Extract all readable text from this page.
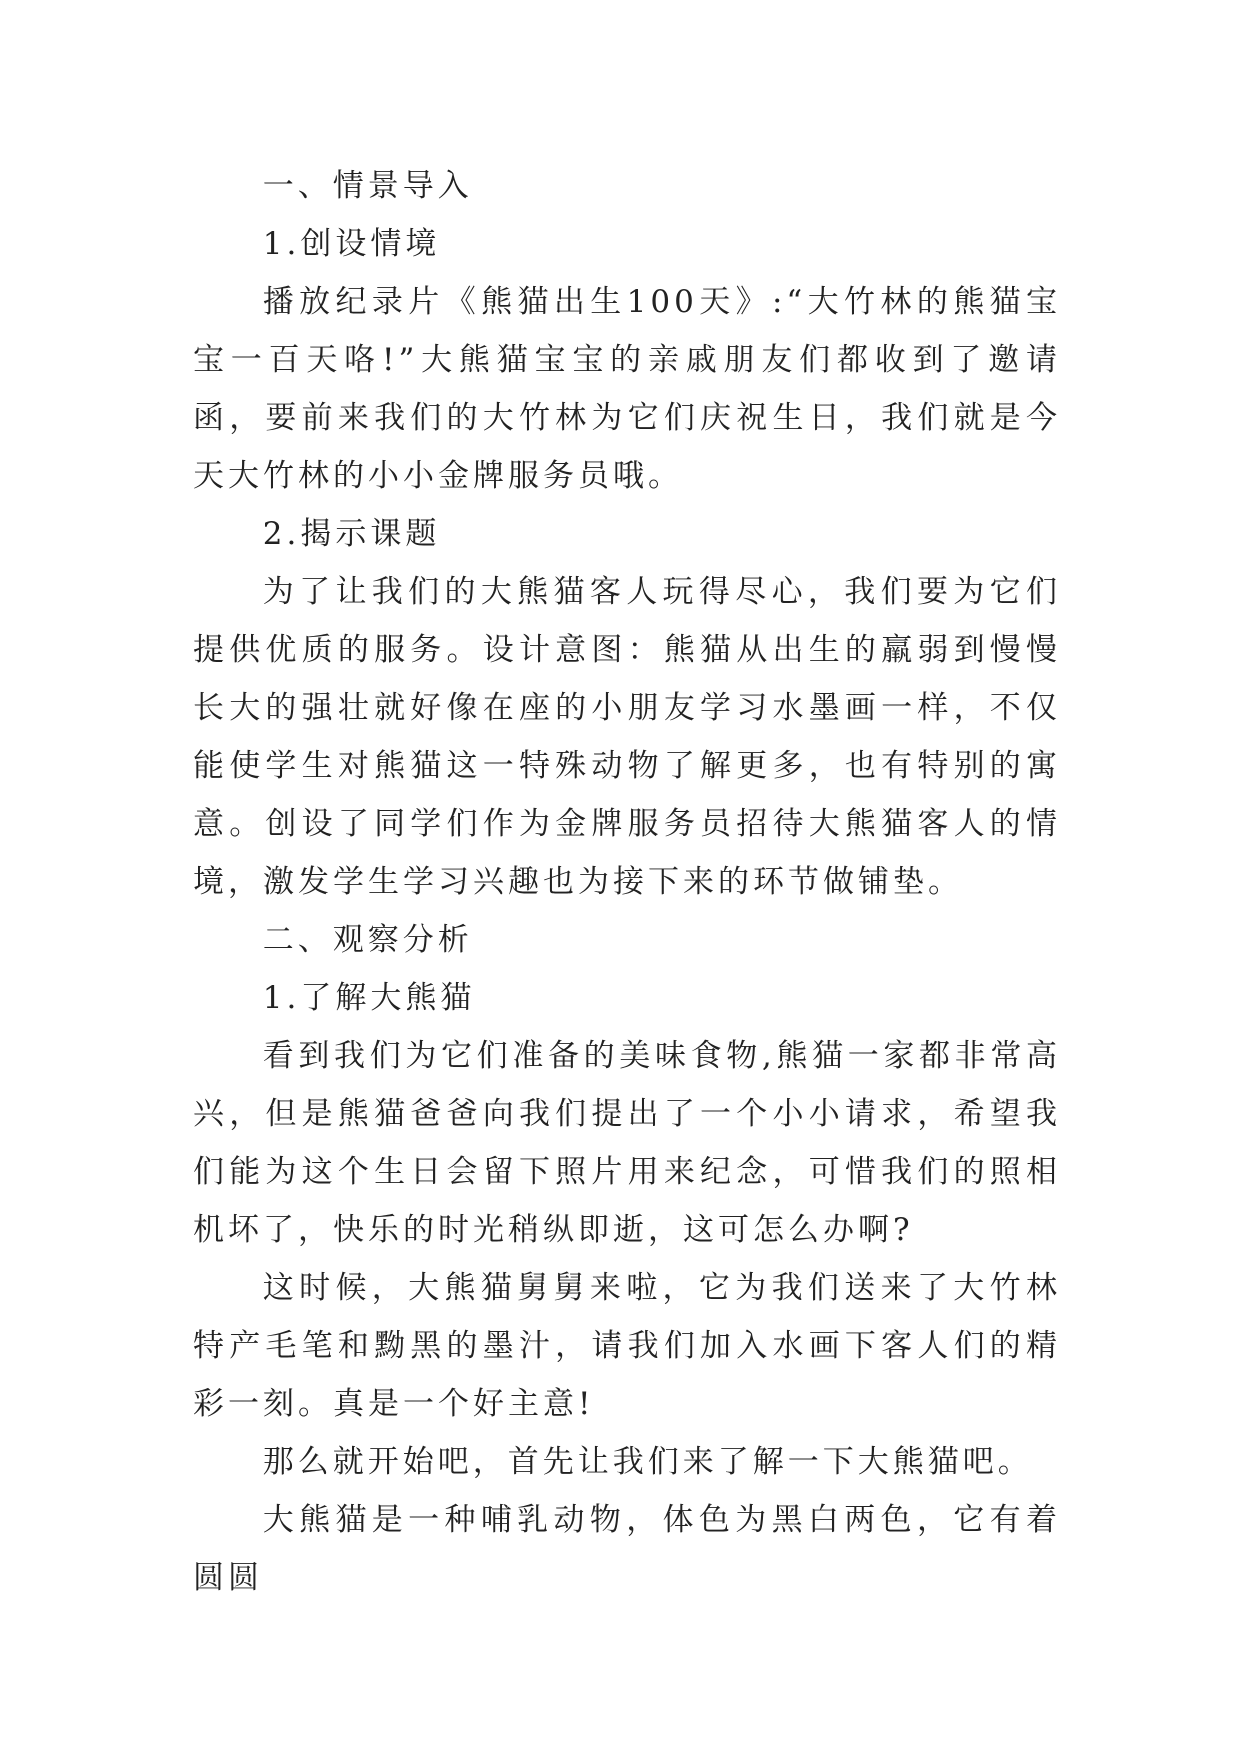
一、情景导入

1.创设情境

播放纪录片《熊猫出生100天》:“大竹林的熊猫宝宝一百天咯!”大熊猫宝宝的亲戚朋友们都收到了邀请函，要前来我们的大竹林为它们庆祝生日，我们就是今天大竹林的小小金牌服务员哦。

2.揭示课题

为了让我们的大熊猫客人玩得尽心，我们要为它们提供优质的服务。设计意图：熊猫从出生的羸弱到慢慢长大的强壮就好像在座的小朋友学习水墨画一样，不仅能使学生对熊猫这一特殊动物了解更多，也有特别的寓意。创设了同学们作为金牌服务员招待大熊猫客人的情境，激发学生学习兴趣也为接下来的环节做铺垫。

二、观察分析

1.了解大熊猫

看到我们为它们准备的美味食物,熊猫一家都非常高兴，但是熊猫爸爸向我们提出了一个小小请求，希望我们能为这个生日会留下照片用来纪念，可惜我们的照相机坏了，快乐的时光稍纵即逝，这可怎么办啊?

这时候，大熊猫舅舅来啦，它为我们送来了大竹林特产毛笔和黝黑的墨汁，请我们加入水画下客人们的精彩一刻。真是一个好主意!

那么就开始吧，首先让我们来了解一下大熊猫吧。

大熊猫是一种哺乳动物，体色为黑白两色，它有着圆圆
